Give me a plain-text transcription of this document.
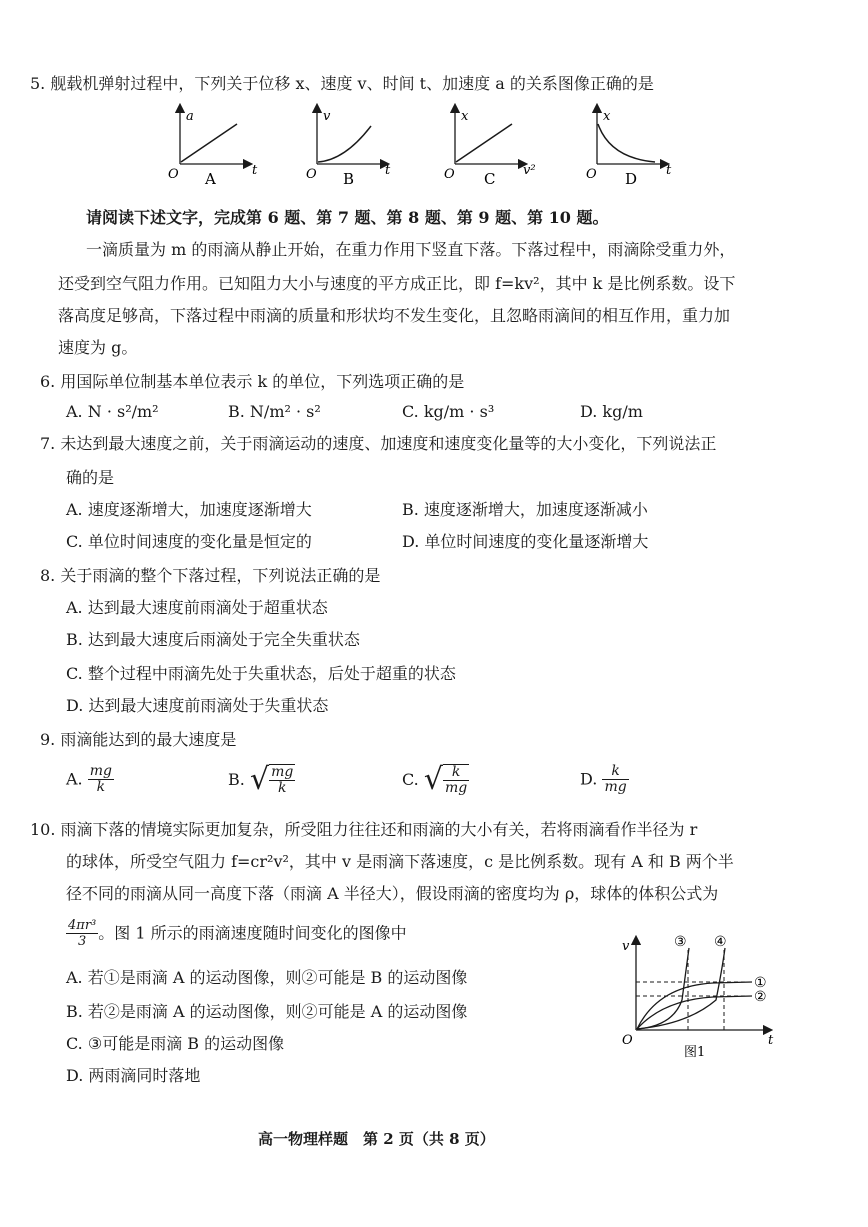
5. 舰载机弹射过程中，下列关于位移 x、速度 v、时间 t、加速度 a 的关系图像正确的是
a
t
O A
v
t
O B
x
v²
O C
x
t
O D
请阅读下述文字，完成第 6 题、第 7 题、第 8 题、第 9 题、第 10 题。
一滴质量为 m 的雨滴从静止开始，在重力作用下竖直下落。下落过程中，雨滴除受重力外，
还受到空气阻力作用。已知阻力大小与速度的平方成正比，即 f=kv²，其中 k 是比例系数。设下
落高度足够高，下落过程中雨滴的质量和形状均不发生变化，且忽略雨滴间的相互作用，重力加
速度为 g。
6. 用国际单位制基本单位表示 k 的单位，下列选项正确的是
A. N · s²/m²	B. N/m² · s²	C. kg/m · s³	D. kg/m
7. 未达到最大速度之前，关于雨滴运动的速度、加速度和速度变化量等的大小变化，下列说法正
确的是
A. 速度逐渐增大，加速度逐渐增大	B. 速度逐渐增大，加速度逐渐减小
C. 单位时间速度的变化量是恒定的	D. 单位时间速度的变化量逐渐增大
8. 关于雨滴的整个下落过程，下列说法正确的是
A. 达到最大速度前雨滴处于超重状态
B. 达到最大速度后雨滴处于完全失重状态
C. 整个过程中雨滴先处于失重状态，后处于超重的状态
D. 达到最大速度前雨滴处于失重状态
9. 雨滴能达到的最大速度是
A. $\frac{mg}{k}$	B. √ $\frac{mg}{k}$	C. √ $\frac{k}{mg}$	D. $\frac{k}{mg}$
10. 雨滴下落的情境实际更加复杂，所受阻力往往还和雨滴的大小有关，若将雨滴看作半径为 r
的球体，所受空气阻力 f=cr²v²，其中 v 是雨滴下落速度，c 是比例系数。现有 A 和 B 两个半
径不同的雨滴从同一高度下落（雨滴 A 半径大），假设雨滴的密度均为 ρ，球体的体积公式为
$\frac{\text{4πr³}}{3}$ 。图 1 所示的雨滴速度随时间变化的图像中
A. 若①是雨滴 A 的运动图像，则②可能是 B 的运动图像
B. 若②是雨滴 A 的运动图像，则②可能是 A 的运动图像
C. ③可能是雨滴 B 的运动图像
D. 两雨滴同时落地
v
t
O
①
②
③ ④
图1
高一物理样题　第 2 页（共 8 页）
